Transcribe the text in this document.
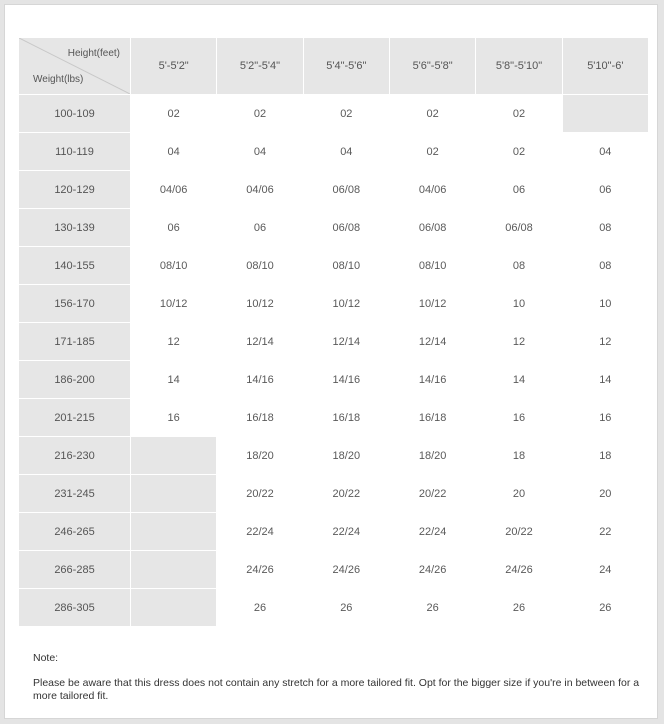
Height(feet)
Weight(lbs)	5'-5'2"	5'2"-5'4"	5'4"-5'6"	5'6"-5'8"	5'8"-5'10"	5'10"-6'
100-109	02	02	02	02	02	
110-119	04	04	04	02	02	04
120-129	04/06	04/06	06/08	04/06	06	06
130-139	06	06	06/08	06/08	06/08	08
140-155	08/10	08/10	08/10	08/10	08	08
156-170	10/12	10/12	10/12	10/12	10	10
171-185	12	12/14	12/14	12/14	12	12
186-200	14	14/16	14/16	14/16	14	14
201-215	16	16/18	16/18	16/18	16	16
216-230		18/20	18/20	18/20	18	18
231-245		20/22	20/22	20/22	20	20
246-265		22/24	22/24	22/24	20/22	22
266-285		24/26	24/26	24/26	24/26	24
286-305		26	26	26	26	26
Note:
Please be aware that this dress does not contain any stretch for a more tailored fit. Opt for the bigger size if you're in between for a more tailored fit.
